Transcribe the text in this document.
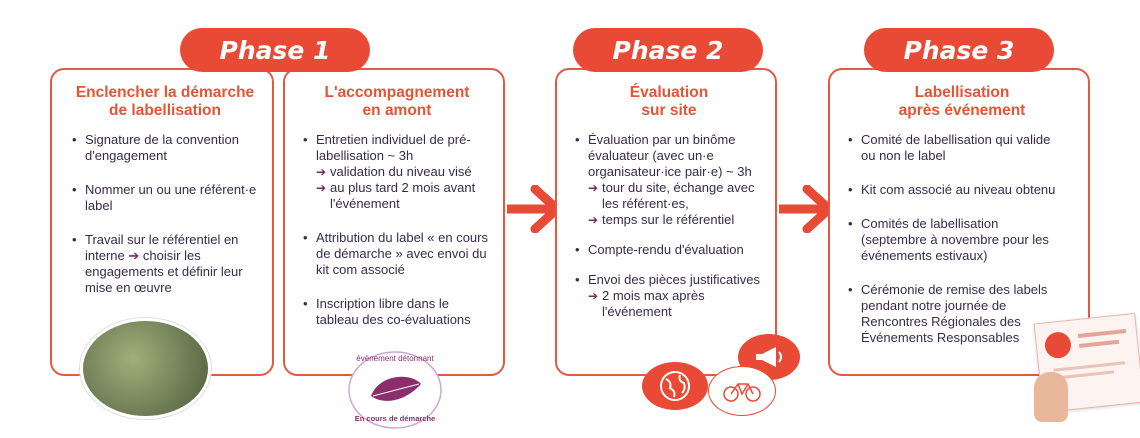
Phase 1	Phase 2	Phase 3
Enclencher la démarche
de labellisation
• Signature de la convention d'engagement
• Nommer un ou une référent·e label
• Travail sur le référentiel en interne ➔ choisir les engagements et définir leur mise en œuvre
L'accompagnement
en amont
• Entretien individuel de pré-labellisation ~ 3h
➔ validation du niveau visé
➔ au plus tard 2 mois avant l'événement
• Attribution du label « en cours de démarche » avec envoi du kit com associé
• Inscription libre dans le tableau des co-évaluations
évènement détonnant
En cours de démarche
Évaluation
sur site
• Évaluation par un binôme évaluateur (avec un·e organisateur·ice pair·e) ~ 3h
➔ tour du site, échange avec les référent·es,
➔ temps sur le référentiel
• Compte-rendu d'évaluation
• Envoi des pièces justificatives
➔ 2 mois max après l'événement
Labellisation
après événement
• Comité de labellisation qui valide ou non le label
• Kit com associé au niveau obtenu
• Comités de labellisation (septembre à novembre pour les événements estivaux)
• Cérémonie de remise des labels pendant notre journée de Rencontres Régionales des Événements Responsables
